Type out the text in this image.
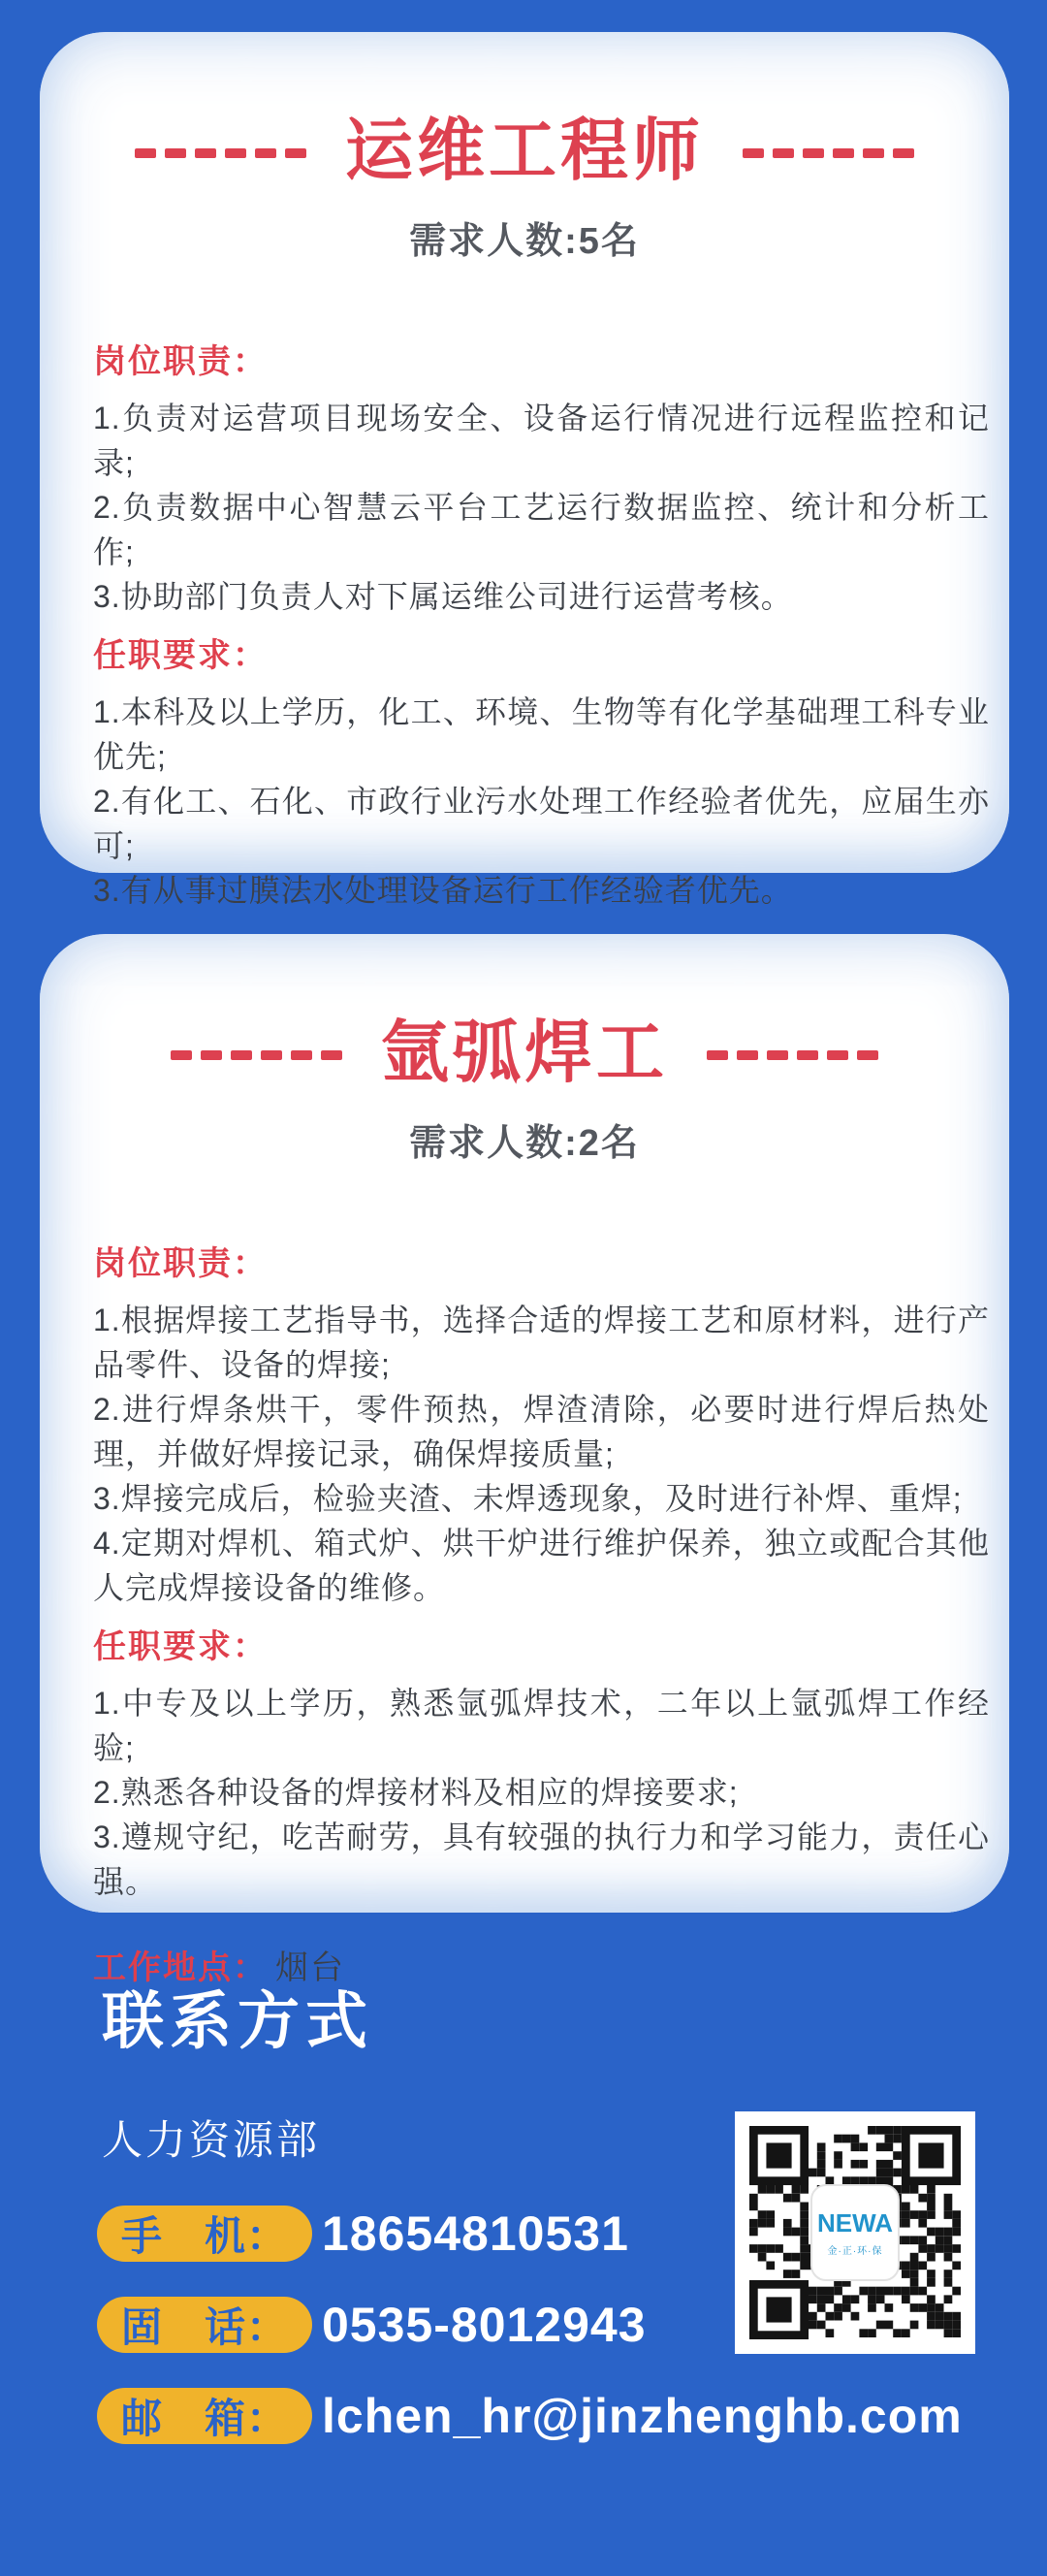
运维工程师
需求人数:5名
岗位职责：

1.负责对运营项目现场安全、设备运行情况进行远程监控和记录;

2.负责数据中心智慧云平台工艺运行数据监控、统计和分析工作;

3.协助部门负责人对下属运维公司进行运营考核。

任职要求：

1.本科及以上学历，化工、环境、生物等有化学基础理工科专业优先;

2.有化工、石化、市政行业污水处理工作经验者优先，应届生亦可;

3.有从事过膜法水处理设备运行工作经验者优先。

氩弧焊工
需求人数:2名
岗位职责：

1.根据焊接工艺指导书，选择合适的焊接工艺和原材料，进行产品零件、设备的焊接;

2.进行焊条烘干，零件预热，焊渣清除，必要时进行焊后热处理，并做好焊接记录，确保焊接质量;

3.焊接完成后，检验夹渣、未焊透现象，及时进行补焊、重焊;

4.定期对焊机、箱式炉、烘干炉进行维护保养，独立或配合其他人完成焊接设备的维修。

任职要求：

1.中专及以上学历，熟悉氩弧焊技术，二年以上氩弧焊工作经验;

2.熟悉各种设备的焊接材料及相应的焊接要求;

3.遵规守纪，吃苦耐劳，具有较强的执行力和学习能力，责任心强。

工作地点： 烟台
联系方式
人力资源部
手　机： 18654810531
固　话： 0535-8012943
邮　箱： lchen_hr@jinzhenghb.com
NEWA
金·正·环·保
